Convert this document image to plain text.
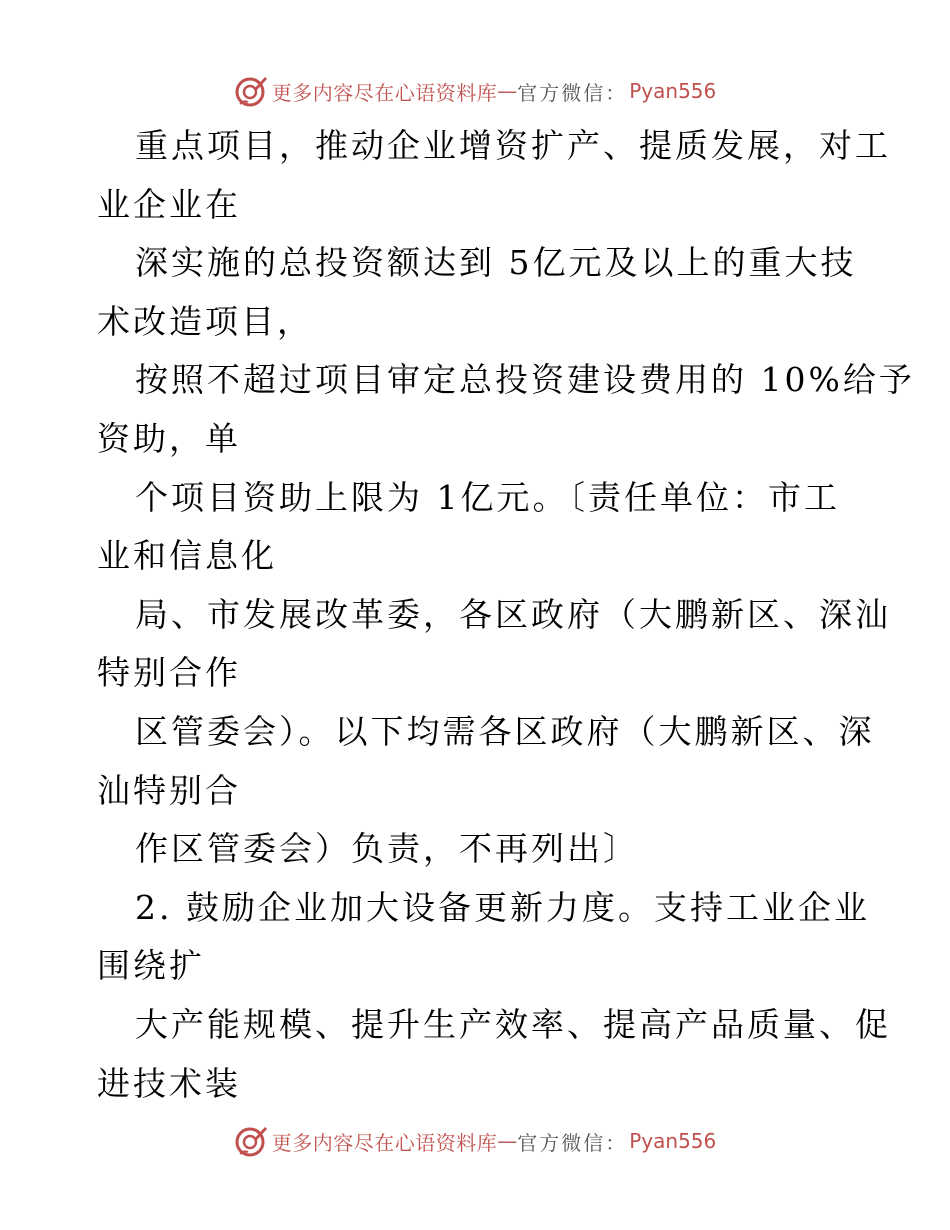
更多内容尽在心语资料库 — 官方微信： Pyan556
重点项目，推动企业增资扩产、提质发展，对工
业企业在
深实施的总投资额达到 5亿元及以上的重大技
术改造项目，
按照不超过项目审定总投资建设费用的 10%给予
资助，单
个项目资助上限为 1亿元。〔责任单位：市工
业和信息化
局、市发展改革委，各区政府（大鹏新区、深汕
特别合作
区管委会）。以下均需各区政府（大鹏新区、深
汕特别合
作区管委会）负责，不再列出〕
2. 鼓励企业加大设备更新力度。支持工业企业
围绕扩
大产能规模、提升生产效率、提高产品质量、促
进技术装
更多内容尽在心语资料库 — 官方微信： Pyan556
